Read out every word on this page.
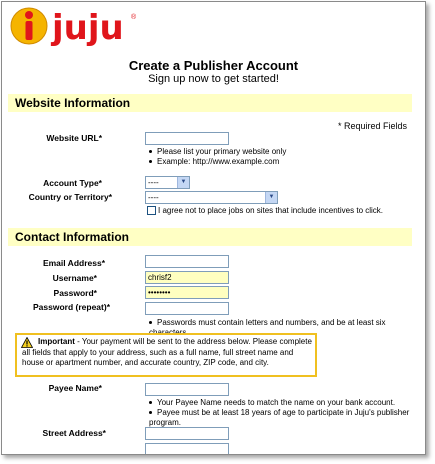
juju ®
Create a Publisher Account
Sign up now to get started!
Website Information
* Required Fields
Website URL*
Please list your primary website only
Example: http://www.example.com
Account Type*	----	▼
Country or Territory*	----	▼
I agree not to place jobs on sites that include incentives to click.
Contact Information
Email Address*
Username*	chrisf2
Password*	••••••••
Password (repeat)*
Passwords must contain letters and numbers, and be at least six
Important - Your payment will be sent to the address below. Please complete all fields that apply to your address, such as a full name, full street name and house or apartment number, and accurate country, ZIP code, and city.
Payee Name*
Your Payee Name needs to match the name on your bank account.
Payee must be at least 18 years of age to participate in Juju's publisher program.
Street Address*
